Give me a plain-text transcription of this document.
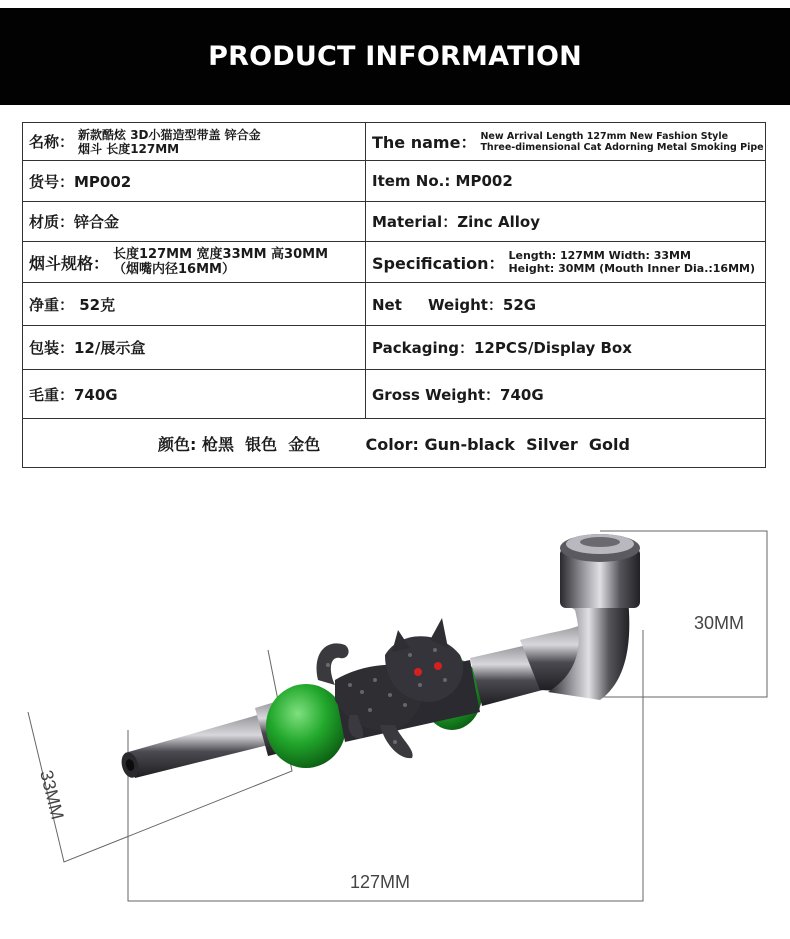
PRODUCT INFORMATION
名称： 新款酷炫 3D小猫造型带盖 锌合金
烟斗 长度127MM	The name： New Arrival Length 127mm New Fashion Style
Three-dimensional Cat Adorning Metal Smoking Pipe

货号：MP002	Item No.: MP002
材质：锌合金	Material：Zinc Alloy

烟斗规格： 长度127MM 宽度33MM 高30MM
（烟嘴内径16MM）	Specification： Length: 127MM Width: 33MM
Height: 30MM (Mouth Inner Dia.:16MM)

净重： 52克	Net     Weight：52G
包装：12/展示盒	Packaging：12PCS/Display Box
毛重：740G	Gross Weight：740G
颜色: 枪黑  银色  金色 Color: Gun-black  Silver  Gold	
30MM
127MM
33MM
